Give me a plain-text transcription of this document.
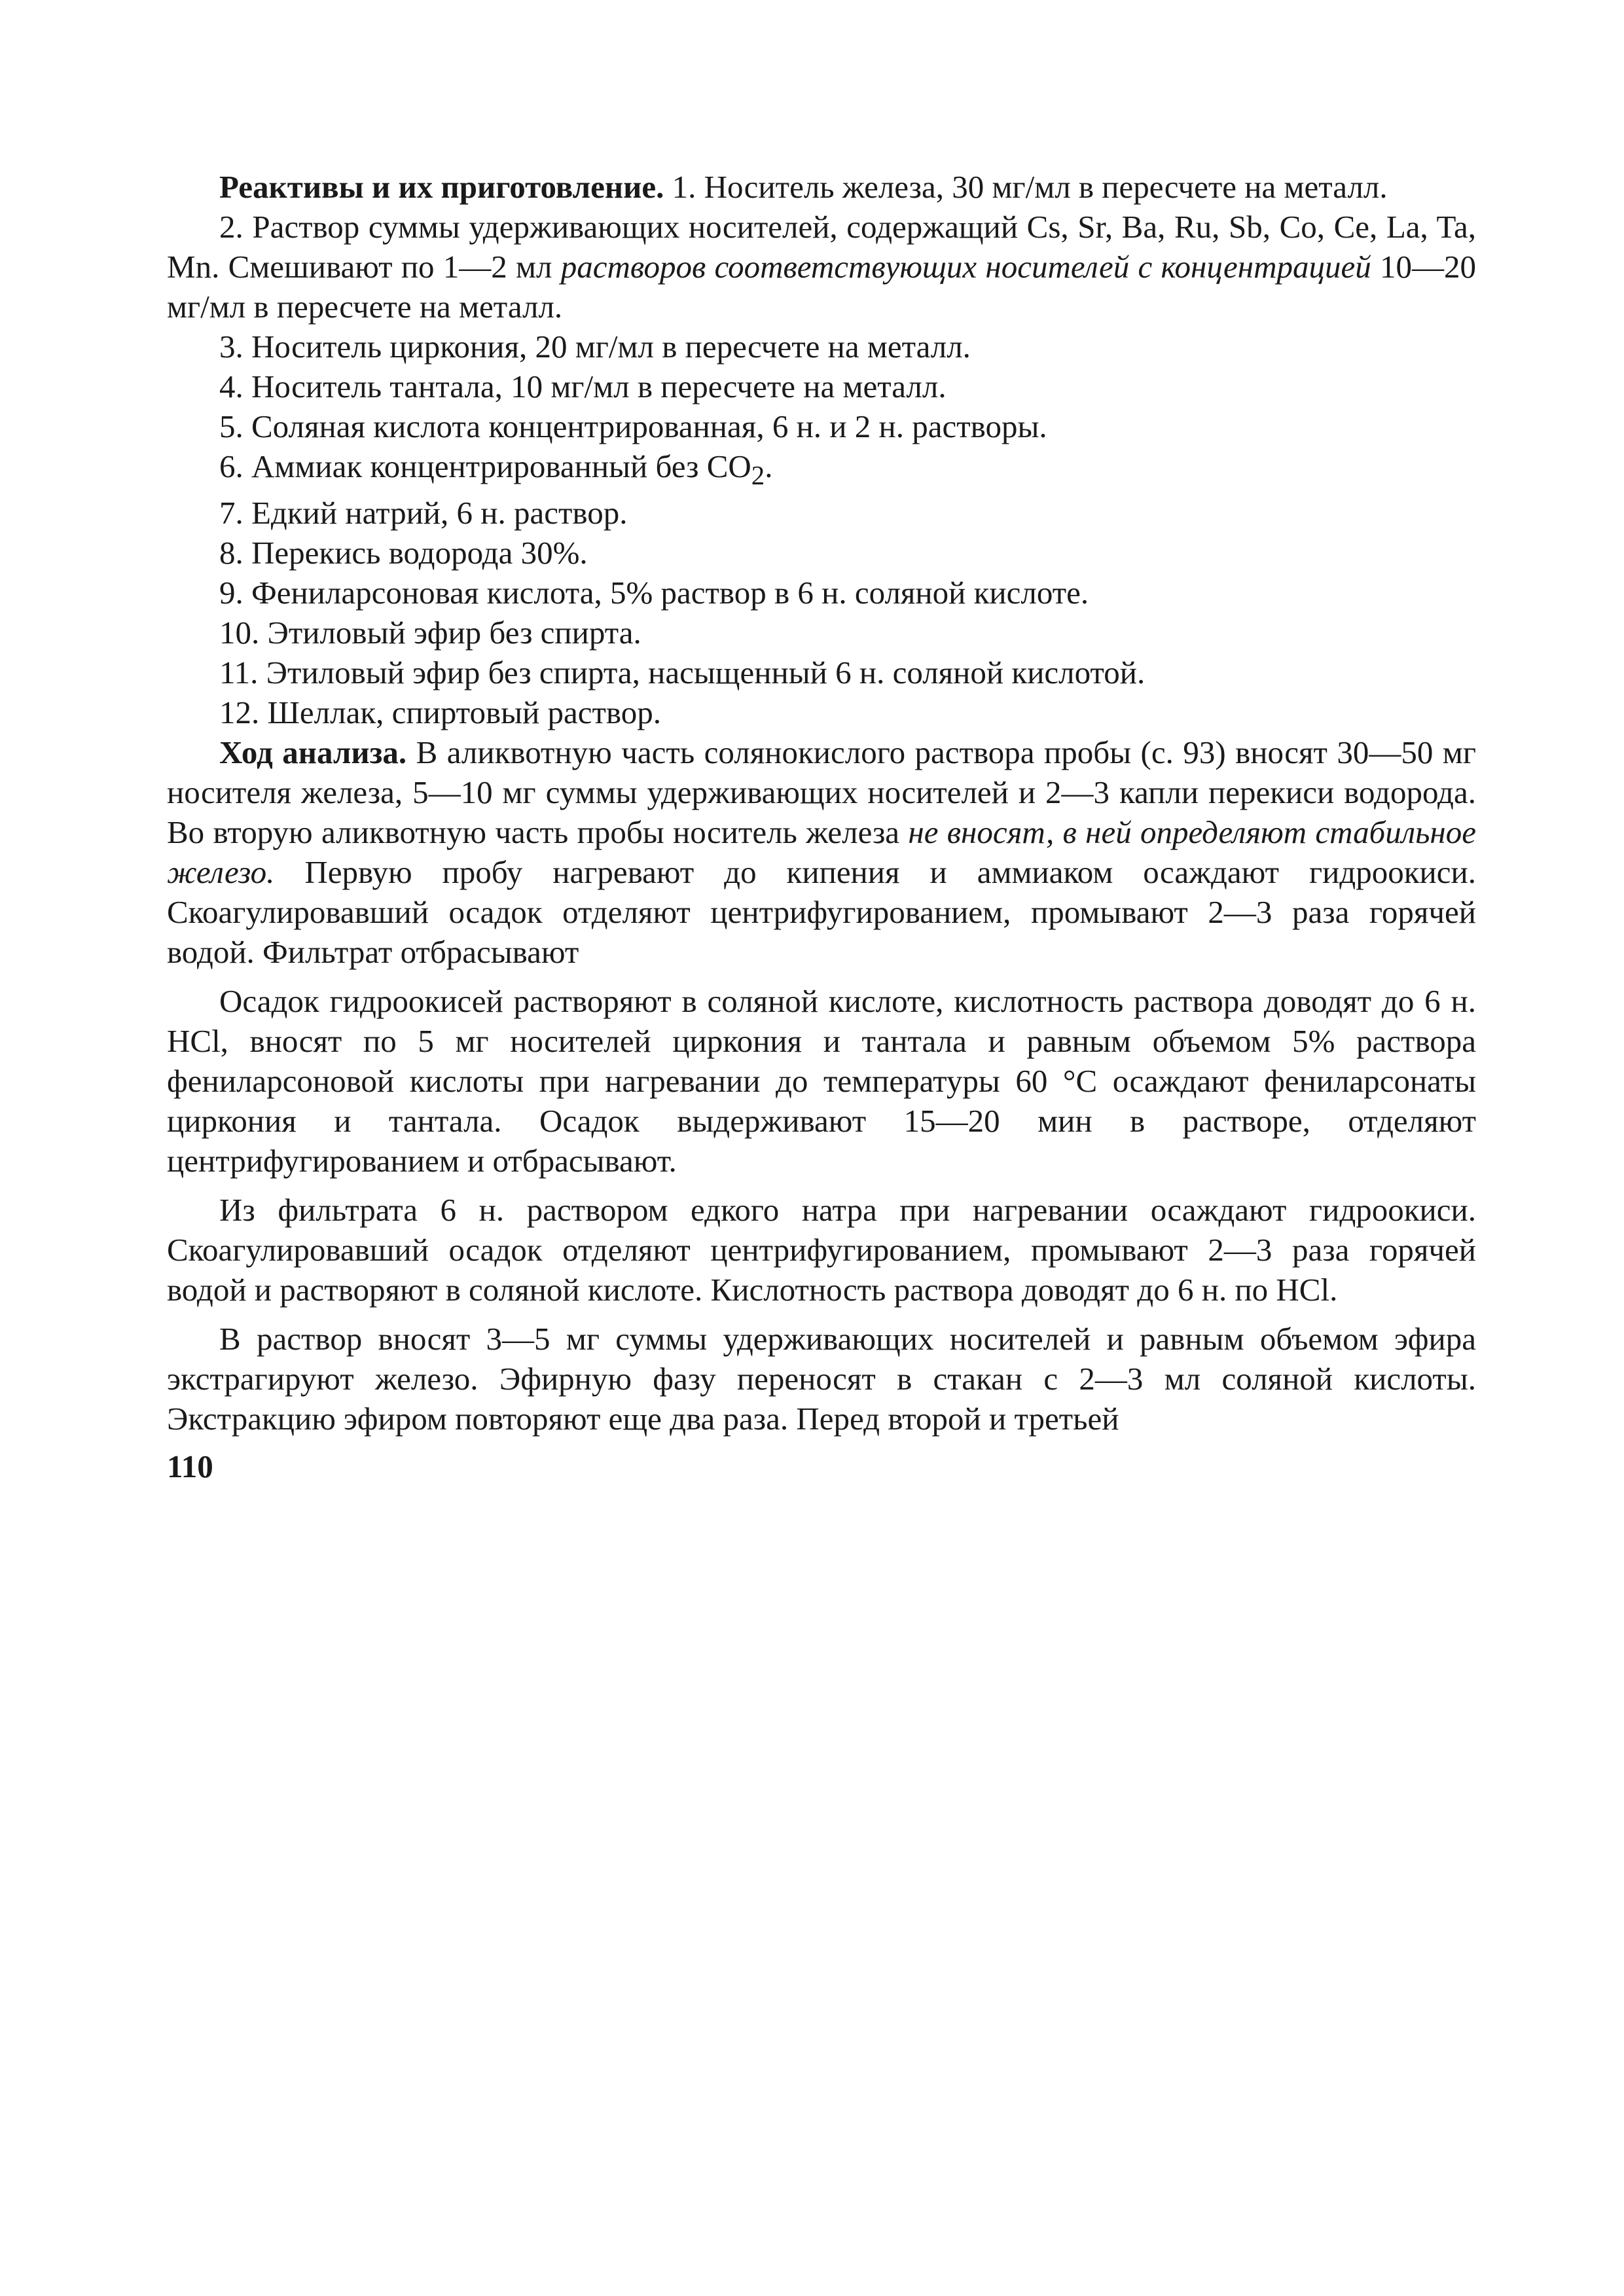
Реактивы и их приготовление. 1. Носитель железа, 30 мг/мл в пересчете на металл.

2. Раствор суммы удерживающих носителей, содержащий Cs, Sr, Ba, Ru, Sb, Co, Ce, La, Ta, Mn. Смешивают по 1—2 мл растворов соответствующих носителей с концентрацией 10—20 мг/мл в пересчете на металл.

3. Носитель циркония, 20 мг/мл в пересчете на металл.

4. Носитель тантала, 10 мг/мл в пересчете на металл.

5. Соляная кислота концентрированная, 6 н. и 2 н. растворы.

6. Аммиак концентрированный без $CO_2$.

7. Едкий натрий, 6 н. раствор.

8. Перекись водорода 30%.

9. Фениларсоновая кислота, 5% раствор в 6 н. соляной кислоте.

10. Этиловый эфир без спирта.

11. Этиловый эфир без спирта, насыщенный 6 н. соляной кислотой.

12. Шеллак, спиртовый раствор.

Ход анализа. В аликвотную часть солянокислого раствора пробы (с. 93) вносят 30—50 мг носителя железа, 5—10 мг суммы удерживающих носителей и 2—3 капли перекиси водорода. Во вторую аликвотную часть пробы носитель железа не вносят, в ней определяют стабильное железо. Первую пробу нагревают до кипения и аммиаком осаждают гидроокиси. Скоагулировавший осадок отделяют центрифугированием, промывают 2—3 раза горячей водой. Фильтрат отбрасывают

Осадок гидроокисей растворяют в соляной кислоте, кислотность раствора доводят до 6 н. HCl, вносят по 5 мг носителей циркония и тантала и равным объемом 5% раствора фениларсоновой кислоты при нагревании до температуры 60 °С осаждают фениларсонаты циркония и тантала. Осадок выдерживают 15—20 мин в растворе, отделяют центрифугированием и отбрасывают.

Из фильтрата 6 н. раствором едкого натра при нагревании осаждают гидроокиси. Скоагулировавший осадок отделяют центрифугированием, промывают 2—3 раза горячей водой и растворяют в соляной кислоте. Кислотность раствора доводят до 6 н. по HCl.

В раствор вносят 3—5 мг суммы удерживающих носителей и равным объемом эфира экстрагируют железо. Эфирную фазу переносят в стакан с 2—3 мл соляной кислоты. Экстракцию эфиром повторяют еще два раза. Перед второй и третьей

110
